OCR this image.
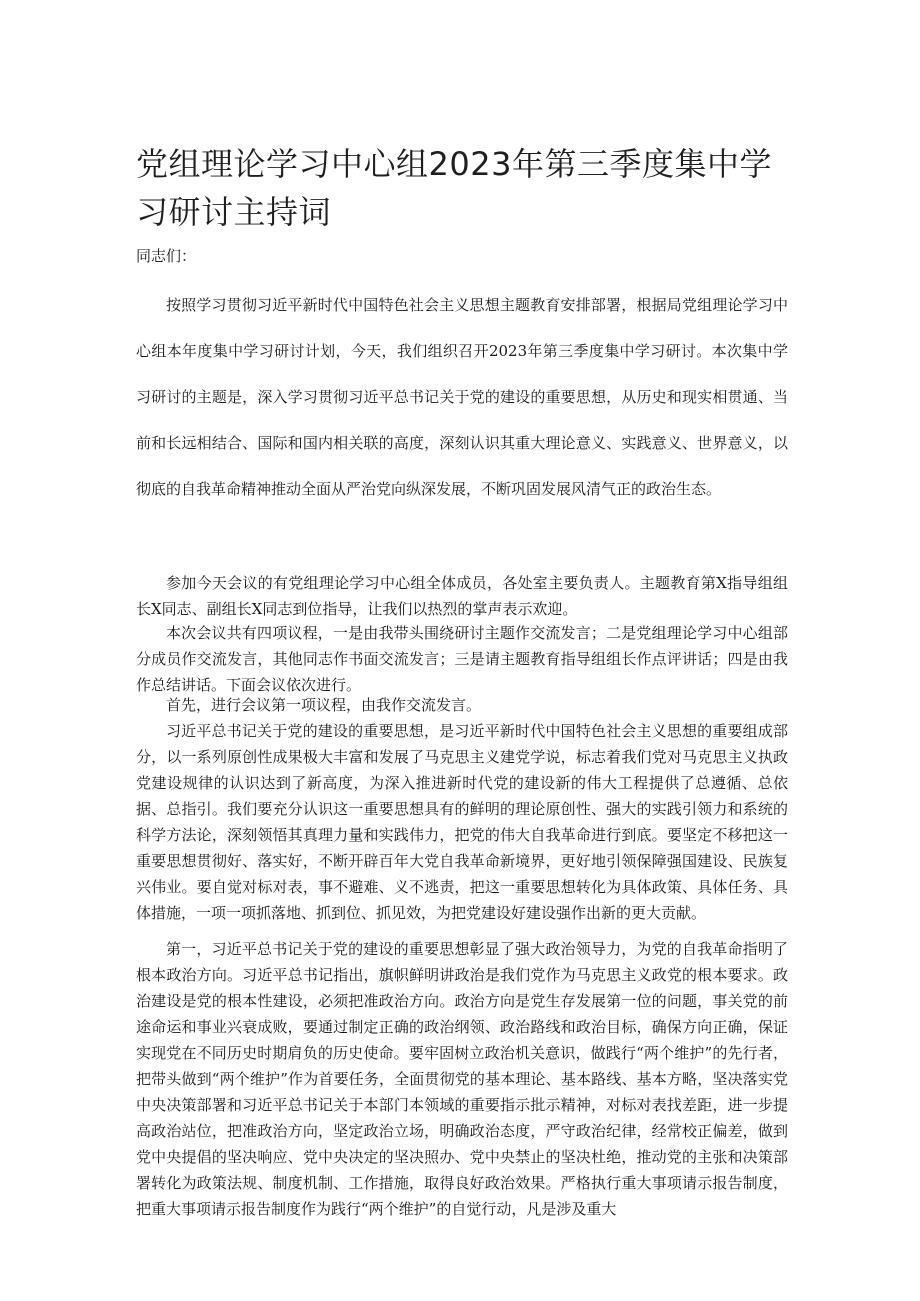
党组理论学习中心组2023年第三季度集中学习研讨主持词
同志们：

按照学习贯彻习近平新时代中国特色社会主义思想主题教育安排部署，根据局党组理论学习中心组本年度集中学习研讨计划，今天，我们组织召开2023年第三季度集中学习研讨。本次集中学习研讨的主题是，深入学习贯彻习近平总书记关于党的建设的重要思想，从历史和现实相贯通、当前和长远相结合、国际和国内相关联的高度，深刻认识其重大理论意义、实践意义、世界意义，以彻底的自我革命精神推动全面从严治党向纵深发展，不断巩固发展风清气正的政治生态。

参加今天会议的有党组理论学习中心组全体成员，各处室主要负责人。主题教育第X指导组组长X同志、副组长X同志到位指导，让我们以热烈的掌声表示欢迎。

本次会议共有四项议程，一是由我带头围绕研讨主题作交流发言；二是党组理论学习中心组部分成员作交流发言，其他同志作书面交流发言；三是请主题教育指导组组长作点评讲话；四是由我作总结讲话。下面会议依次进行。

首先，进行会议第一项议程，由我作交流发言。

习近平总书记关于党的建设的重要思想，是习近平新时代中国特色社会主义思想的重要组成部分，以一系列原创性成果极大丰富和发展了马克思主义建党学说，标志着我们党对马克思主义执政党建设规律的认识达到了新高度，为深入推进新时代党的建设新的伟大工程提供了总遵循、总依据、总指引。我们要充分认识这一重要思想具有的鲜明的理论原创性、强大的实践引领力和系统的科学方法论，深刻领悟其真理力量和实践伟力，把党的伟大自我革命进行到底。要坚定不移把这一重要思想贯彻好、落实好，不断开辟百年大党自我革命新境界，更好地引领保障强国建设、民族复兴伟业。要自觉对标对表，事不避难、义不逃责，把这一重要思想转化为具体政策、具体任务、具体措施，一项一项抓落地、抓到位、抓见效，为把党建设好建设强作出新的更大贡献。

第一，习近平总书记关于党的建设的重要思想彰显了强大政治领导力，为党的自我革命指明了根本政治方向。习近平总书记指出，旗帜鲜明讲政治是我们党作为马克思主义政党的根本要求。政治建设是党的根本性建设，必须把准政治方向。政治方向是党生存发展第一位的问题，事关党的前途命运和事业兴衰成败，要通过制定正确的政治纲领、政治路线和政治目标，确保方向正确，保证实现党在不同历史时期肩负的历史使命。要牢固树立政治机关意识，做践行“两个维护”的先行者，把带头做到“两个维护”作为首要任务，全面贯彻党的基本理论、基本路线、基本方略，坚决落实党中央决策部署和习近平总书记关于本部门本领域的重要指示批示精神，对标对表找差距，进一步提高政治站位，把准政治方向，坚定政治立场，明确政治态度，严守政治纪律，经常校正偏差，做到党中央提倡的坚决响应、党中央决定的坚决照办、党中央禁止的坚决杜绝，推动党的主张和决策部署转化为政策法规、制度机制、工作措施，取得良好政治效果。严格执行重大事项请示报告制度，把重大事项请示报告制度作为践行“两个维护”的自觉行动，凡是涉及重大
